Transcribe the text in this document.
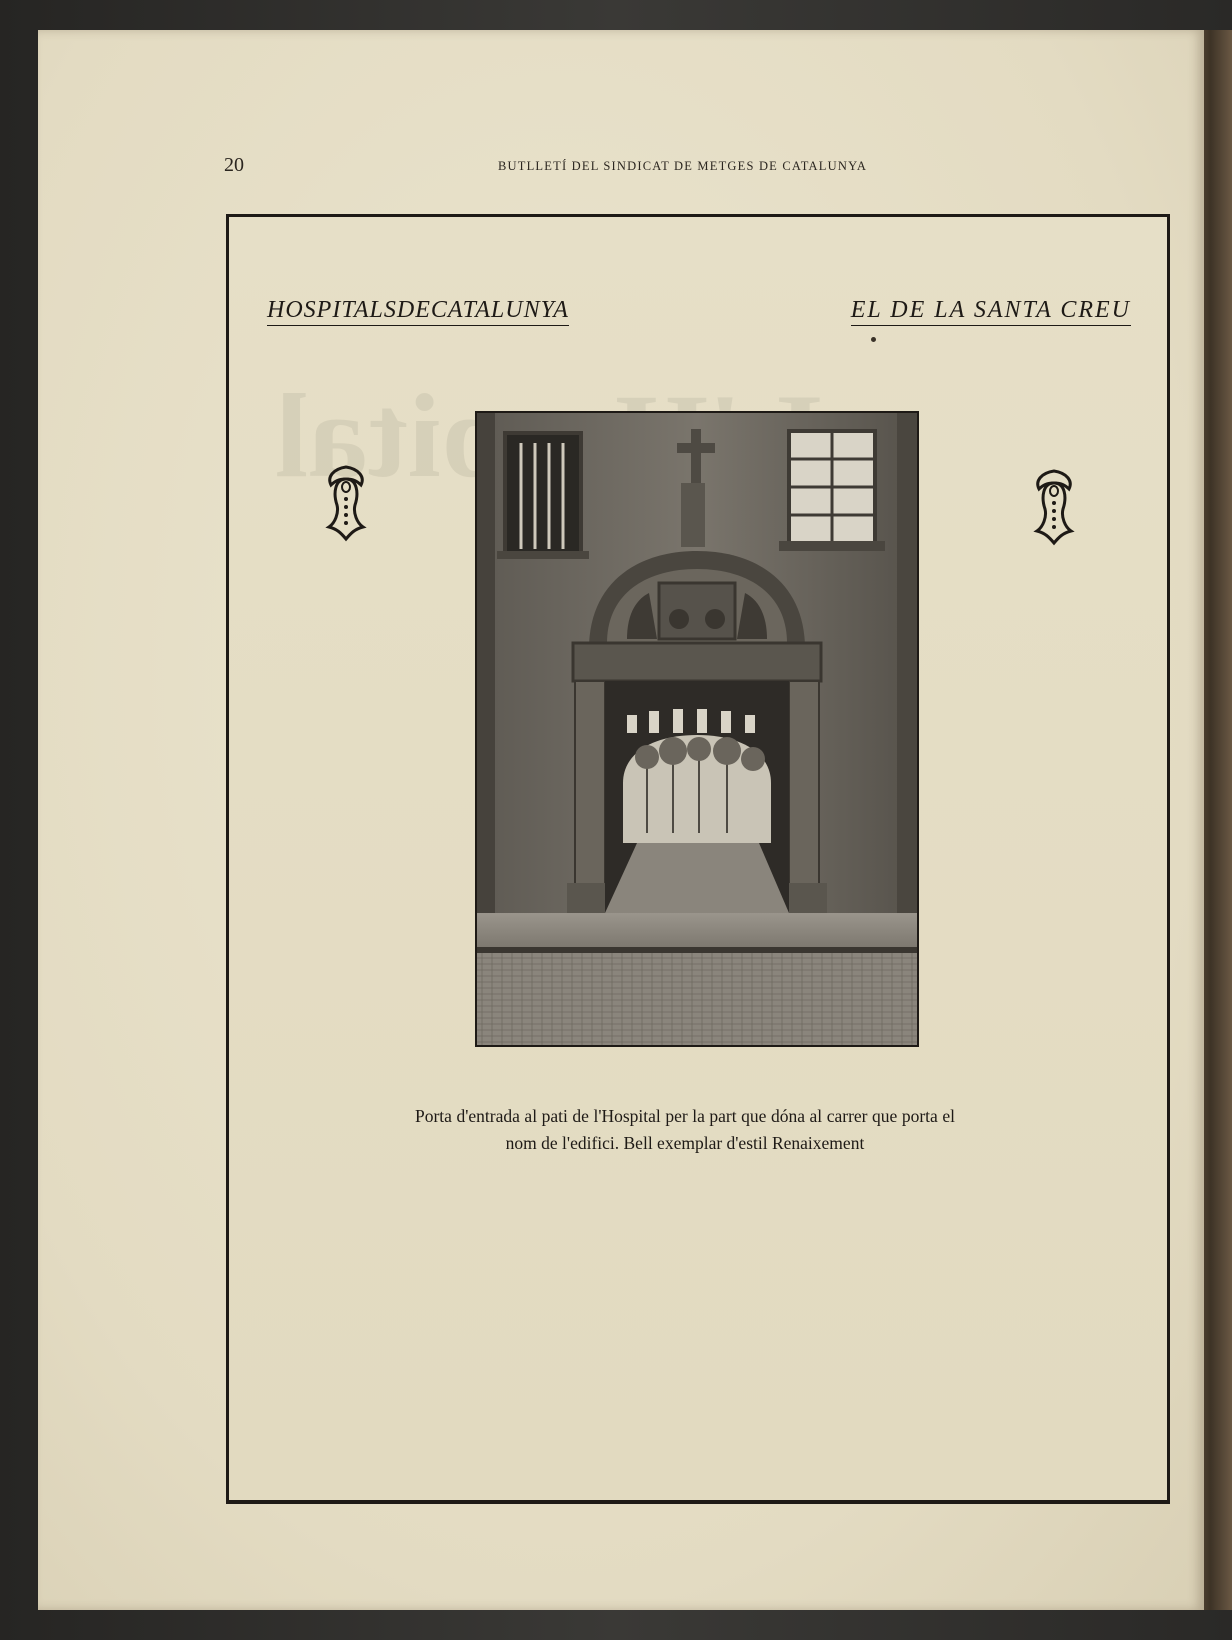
20	BUTLLETÍ DEL SINDICAT DE METGES DE CATALUNYA
HOSPITALSDECATALUNYA	EL DE LA SANTA CREU
Porta d'entrada al pati de l'Hospital per la part que dóna al carrer que porta el nom de l'edifici. Bell exemplar d'estil Renaixement
